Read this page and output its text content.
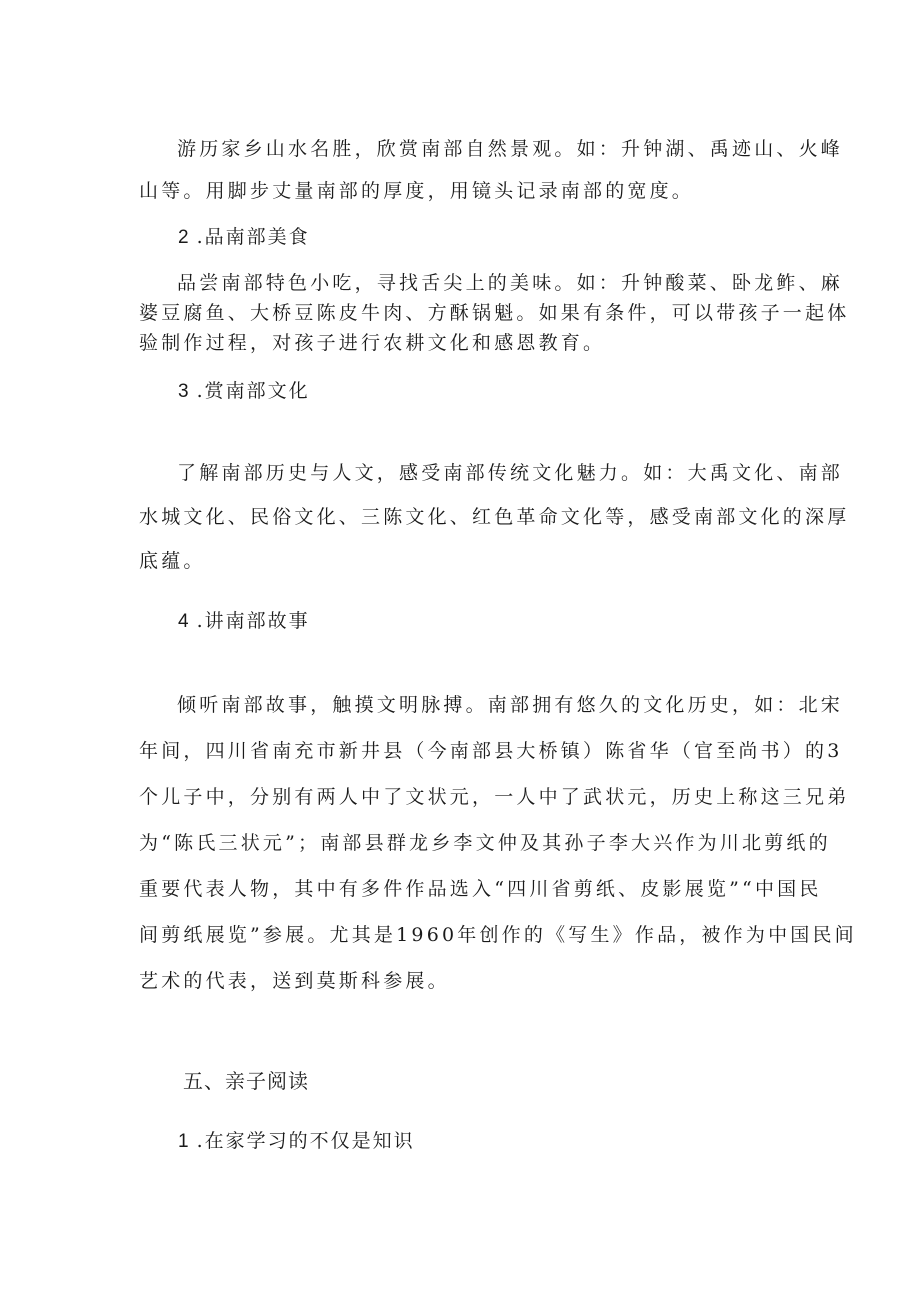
游历家乡山水名胜，欣赏南部自然景观。如：升钟湖、禹迹山、火峰
山等。用脚步丈量南部的厚度，用镜头记录南部的宽度。
2 .品南部美食
品尝南部特色小吃，寻找舌尖上的美味。如：升钟酸菜、卧龙鲊、麻
婆豆腐鱼、大桥豆陈皮牛肉、方酥锅魁。如果有条件，可以带孩子一起体
验制作过程，对孩子进行农耕文化和感恩教育。
3 .赏南部文化
了解南部历史与人文，感受南部传统文化魅力。如：大禹文化、南部
水城文化、民俗文化、三陈文化、红色革命文化等，感受南部文化的深厚
底蕴。
4 .讲南部故事
倾听南部故事，触摸文明脉搏。南部拥有悠久的文化历史，如：北宋
年间，四川省南充市新井县（今南部县大桥镇）陈省华（官至尚书）的3
个儿子中，分别有两人中了文状元，一人中了武状元，历史上称这三兄弟
为“陈氏三状元”；南部县群龙乡李文仲及其孙子李大兴作为川北剪纸的
重要代表人物，其中有多件作品选入“四川省剪纸、皮影展览”“中国民
间剪纸展览”参展。尤其是1960年创作的《写生》作品，被作为中国民间
艺术的代表，送到莫斯科参展。
五、亲子阅读
1 .在家学习的不仅是知识
